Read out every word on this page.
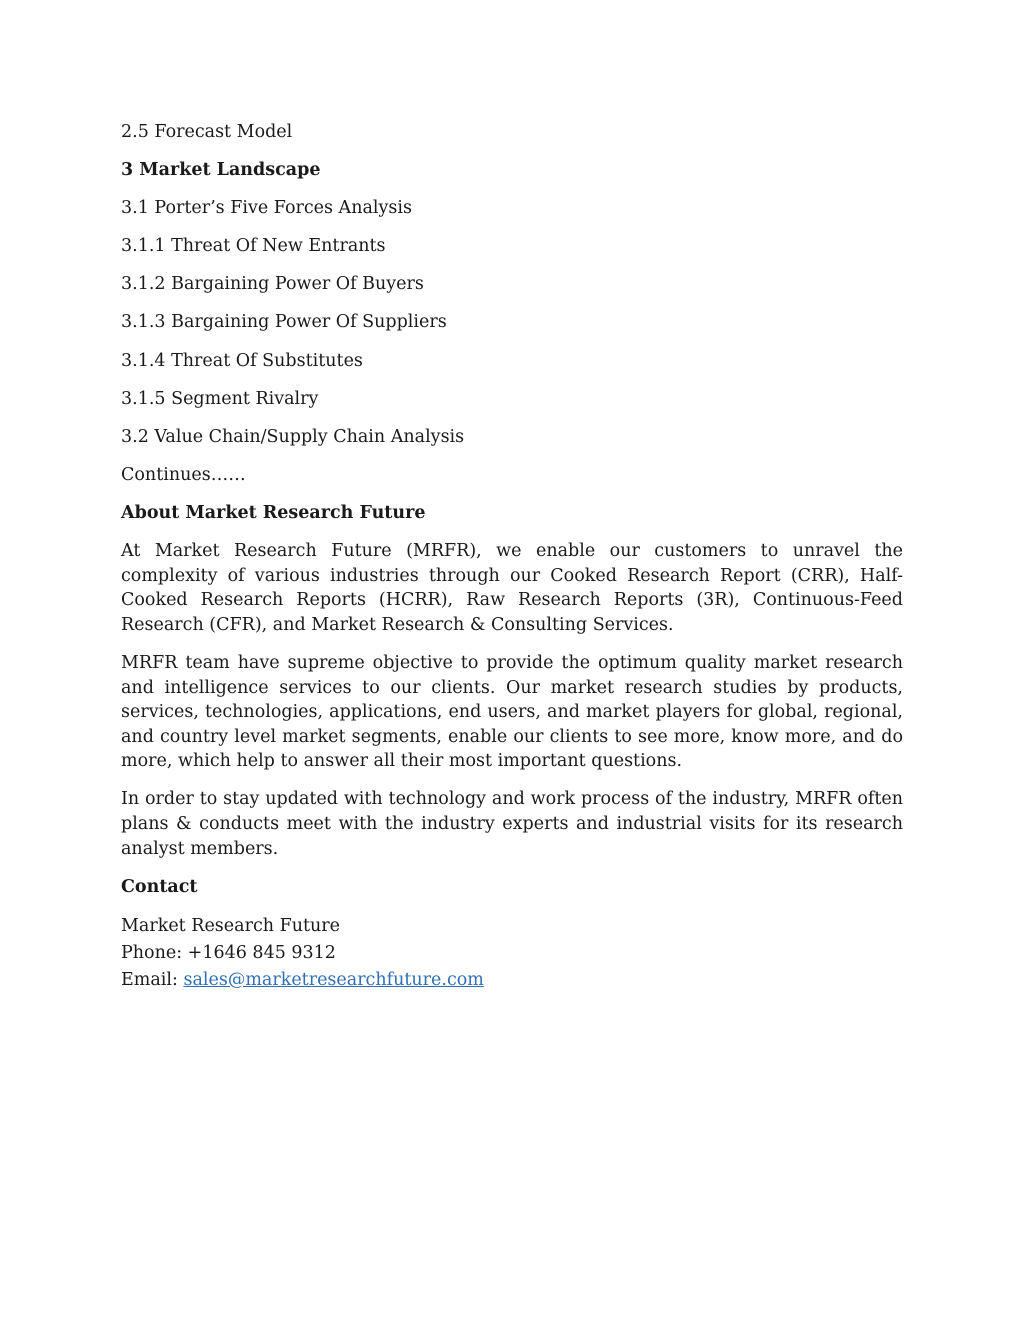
2.5 Forecast Model

3 Market Landscape

3.1 Porter’s Five Forces Analysis

3.1.1 Threat Of New Entrants

3.1.2 Bargaining Power Of Buyers

3.1.3 Bargaining Power Of Suppliers

3.1.4 Threat Of Substitutes

3.1.5 Segment Rivalry

3.2 Value Chain/Supply Chain Analysis

Continues……

About Market Research Future

At Market Research Future (MRFR), we enable our customers to unravel the complexity of various industries through our Cooked Research Report (CRR), Half-Cooked Research Reports (HCRR), Raw Research Reports (3R), Continuous-Feed Research (CFR), and Market Research & Consulting Services.

MRFR team have supreme objective to provide the optimum quality market research and intelligence services to our clients. Our market research studies by products, services, technologies, applications, end users, and market players for global, regional, and country level market segments, enable our clients to see more, know more, and do more, which help to answer all their most important questions.

In order to stay updated with technology and work process of the industry, MRFR often plans & conducts meet with the industry experts and industrial visits for its research analyst members.

Contact

Market Research Future

Phone: +1646 845 9312

Email: sales@marketresearchfuture.com
